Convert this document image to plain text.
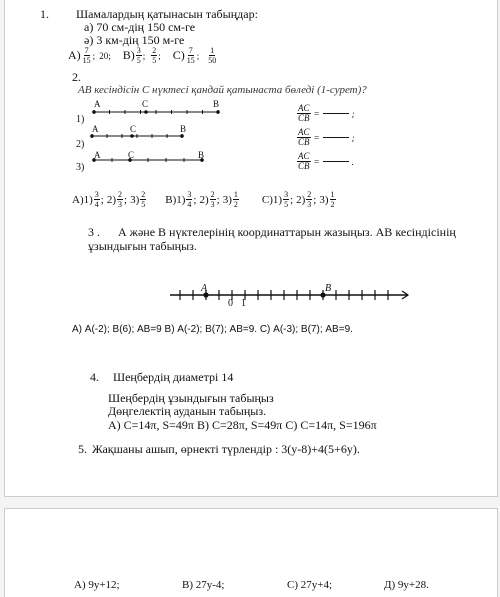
1. Шамалардың қатынасын табыңдар:
а) 70 см-дің 150 см-ге
ә) 3 км-дің 150 м-ге
$А) \frac{7}{15}$ ; 20; $В) \frac{3}{5}$ ; $\frac{2}{5}$ ; $С) \frac{7}{15}$ ; $\frac{1}{50}$
2.
AB кесіндісін C нүктесі қандай қатынаста бөледі (1-сурет)?
1)
2)
3)
A	C	B
A	C	B
A	C	B
$\frac{AC}{CB}$ =	;
$\frac{AC}{CB}$ =	;
$\frac{AC}{CB}$ =	.
А) $1) \frac{3}{4}$ ; $2) \frac{2}{3}$ ; $3) \frac{2}{5} В$) $1) \frac{3}{4}$ ; $2) \frac{2}{3}$ ; $3) \frac{1}{2} С$) $1) \frac{3}{5}$ ; $2) \frac{2}{3}$ ; $3) \frac{1}{2}$
3 . А және В нүктелерінің координаттарын жазыңыз. АВ кесіндісінің
ұзындығын табыңыз.
A	B
0 1
А) А(-2); В(6); АВ=9 В) А(-2); В(7); АВ=9. С) А(-3); В(7); АВ=9.
4. Шеңбердің диаметрі 14
Шеңбердің ұзындығын табыңыз
Дөңгелектің ауданын табыңыз.
А) С=14π, S=49π В) С=28π, S=49π С) С=14π, S=196π
5. Жақшаны ашып, өрнекті түрлендір : 3(у-8)+4(5+6у).
А) 9у+12;	В) 27у-4;	С) 27у+4;	Д) 9у+28.
